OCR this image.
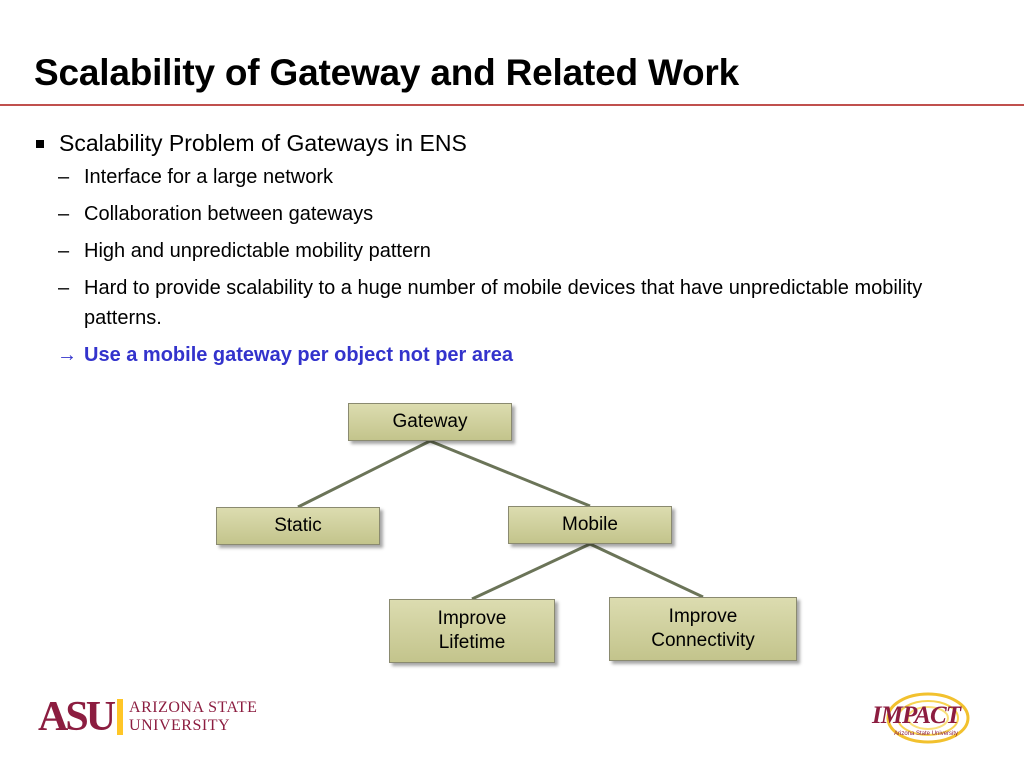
Scalability of Gateway and Related Work
Scalability Problem of Gateways in ENS
– Interface for a large network
– Collaboration between gateways
– High and unpredictable mobility pattern
– Hard to provide scalability to a huge number of mobile devices that have unpredictable mobility patterns.
→ Use a mobile gateway per object not per area
Gateway
Static	Mobile
Improve Lifetime
Improve Connectivity
ASU ARIZONA STATE
UNIVERSITY	IMPACT
Arizona State University
